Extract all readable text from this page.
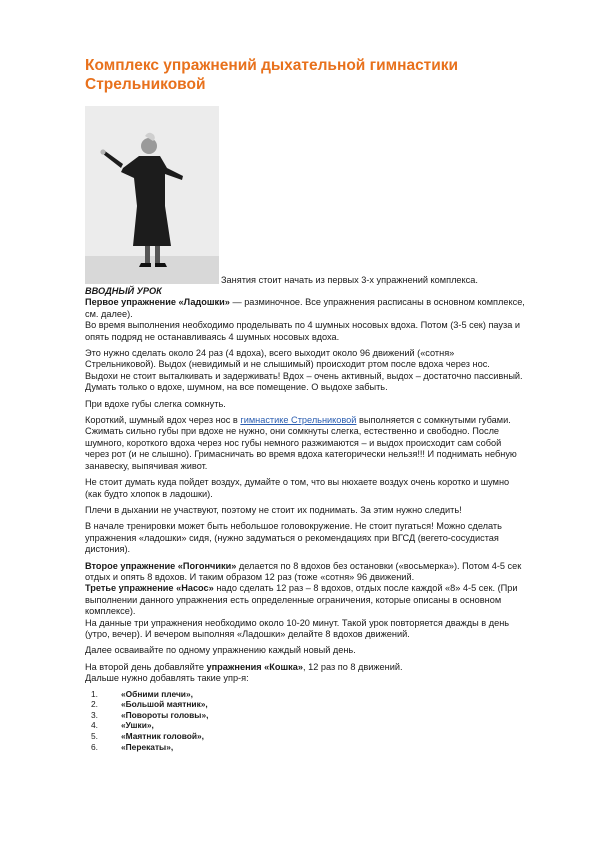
Комплекс упражнений дыхательной гимнастики Стрельниковой
Занятия стоит начать из первых 3-х упражнений комплекса.

ВВОДНЫЙ УРОК

Первое упражнение «Ладошки» — разминочное. Все упражнения расписаны в основном комплексе, см. далее).

Во время выполнения необходимо проделывать по 4 шумных носовых вдоха. Потом (3-5 сек) пауза и опять подряд не останавливаясь 4 шумных носовых вдоха.

Это нужно сделать около 24 раз (4 вдоха), всего выходит около 96 движений («сотня» Стрельниковой). Выдох (невидимый и не слышимый) происходит ртом после вдоха через нос. Выдохи не стоит выталкивать и задерживать! Вдох – очень активный, выдох – достаточно пассивный. Думать только о вдохе, шумном, на все помещение. О выдохе забыть.

При вдохе губы слегка сомкнуть.

Короткий, шумный вдох через нос в гимнастике Стрельниковой выполняется с сомкнутыми губами. Сжимать сильно губы при вдохе не нужно, они сомкнуты слегка, естественно и свободно. После шумного, короткого вдоха через нос губы немного разжимаются – и выдох происходит сам собой через рот (и не слышно). Гримасничать во время вдоха категорически нельзя!!! И поднимать небную занавеску, выпячивая живот.

Не стоит думать куда пойдет воздух, думайте о том, что вы нюхаете воздух очень коротко и шумно (как будто хлопок в ладошки).

Плечи в дыхании не участвуют, поэтому не стоит их поднимать. За этим нужно следить!

В начале тренировки может быть небольшое головокружение. Не стоит пугаться! Можно сделать упражнения «ладошки» сидя, (нужно задуматься о рекомендациях при ВГСД (вегето-сосудистая дистония).

Второе упражнение «Погончики» делается по 8 вдохов без остановки («восьмерка»). Потом 4-5 сек отдых и опять 8 вдохов. И таким образом 12 раз (тоже «сотня» 96 движений.

Третье упражнение «Насос» надо сделать 12 раз – 8 вдохов, отдых после каждой «8» 4-5 сек. (При выполнении данного упражнения есть определенные ограничения, которые описаны в основном комплексе).

На данные три упражнения необходимо около 10-20 минут. Такой урок повторяется дважды в день (утро, вечер). И вечером выполняя «Ладошки» делайте 8 вдохов движений.

Далее осваивайте по одному упражнению каждый новый день.

На второй день добавляйте упражнения «Кошка», 12 раз по 8 движений.

Дальше нужно добавлять такие упр-я:

1.	«Обними плечи»,
2.	«Большой маятник»,
3.	«Повороты головы»,
4.	«Ушки»,
5.	«Маятник головой»,
6.	«Перекаты»,
